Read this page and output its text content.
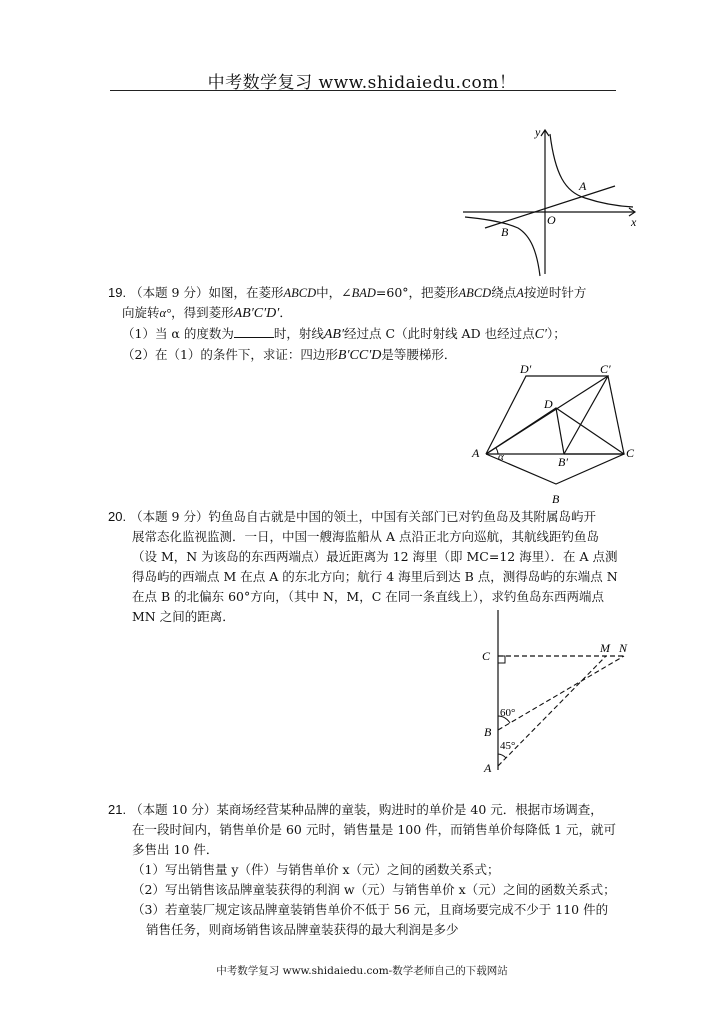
中考数学复习 www.shidaiedu.com！
y
x
O
A
B
19. （本题 9 分）如图，在菱形ABCD中，∠BAD=60°，把菱形ABCD绕点A按逆时针方
向旋转α°，得到菱形AB′C′D′．
（1）当 α 的度数为	时，射线AB′经过点 C（此时射线 AD 也经过点C′）；
（2）在（1）的条件下，求证：四边形B′CC′D是等腰梯形．
D′	C′
D
A α	B′
C
B
20. （本题 9 分）钓鱼岛自古就是中国的领土，中国有关部门已对钓鱼岛及其附属岛屿开
展常态化监视监测．一日，中国一艘海监船从 A 点沿正北方向巡航，其航线距钓鱼岛
（设 M，N 为该岛的东西两端点）最近距离为 12 海里（即 MC=12 海里）．在 A 点测
得岛屿的西端点 M 在点 A 的东北方向；航行 4 海里后到达 B 点，测得岛屿的东端点 N
在点 B 的北偏东 60°方向，（其中 N，M，C 在同一条直线上），求钓鱼岛东西两端点
MN 之间的距离．
C
M N
60°
B
45°
A
21. （本题 10 分）某商场经营某种品牌的童装，购进时的单价是 40 元．根据市场调查，
在一段时间内，销售单价是 60 元时，销售量是 100 件，而销售单价每降低 1 元，就可
多售出 10 件．
（1）写出销售量 y（件）与销售单价 x（元）之间的函数关系式；
（2）写出销售该品牌童装获得的利润 w（元）与销售单价 x（元）之间的函数关系式；
（3）若童装厂规定该品牌童装销售单价不低于 56 元，且商场要完成不少于 110 件的
销售任务，则商场销售该品牌童装获得的最大利润是多少
中考数学复习 www.shidaiedu.com-数学老师自己的下载网站
